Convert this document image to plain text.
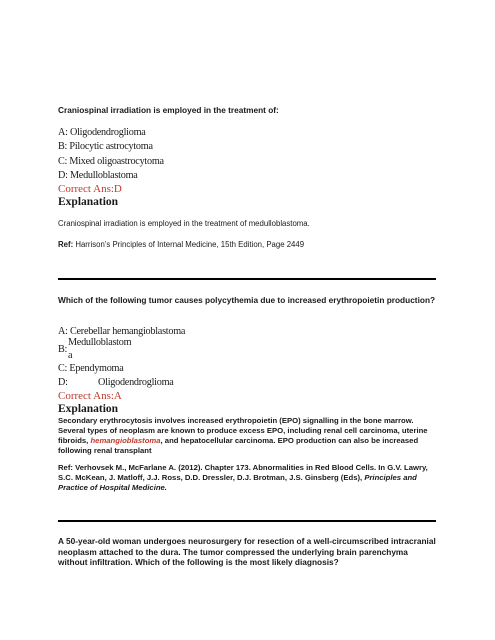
Craniospinal irradiation is employed in the treatment of:
A: Oligodendroglioma
B: Pilocytic astrocytoma
C: Mixed oligoastrocytoma
D: Medulloblastoma
Correct Ans:D
Explanation
Craniospinal irradiation is employed in the treatment of medulloblastoma.
Ref: Harrison’s Principles of Internal Medicine, 15th Edition, Page 2449
Which of the following tumor causes polycythemia due to increased erythropoietin production?
A: Cerebellar hemangioblastoma
B:
Medulloblastom
a
C: Ependymoma
D:	Oligodendroglioma
Correct Ans:A
Explanation
Secondary erythrocytosis involves increased erythropoietin (EPO) signalling in the bone marrow. Several types of neoplasm are known to produce excess EPO, including renal cell carcinoma, uterine fibroids, hemangioblastoma, and hepatocellular carcinoma. EPO production can also be increased following renal transplant
Ref: Verhovsek M., McFarlane A. (2012). Chapter 173. Abnormalities in Red Blood Cells. In G.V. Lawry, S.C. McKean, J. Matloff, J.J. Ross, D.D. Dressler, D.J. Brotman, J.S. Ginsberg (Eds), Principles and Practice of Hospital Medicine.
A 50-year-old woman undergoes neurosurgery for resection of a well-circumscribed intracranial neoplasm attached to the dura. The tumor compressed the underlying brain parenchyma without infiltration. Which of the following is the most likely diagnosis?
